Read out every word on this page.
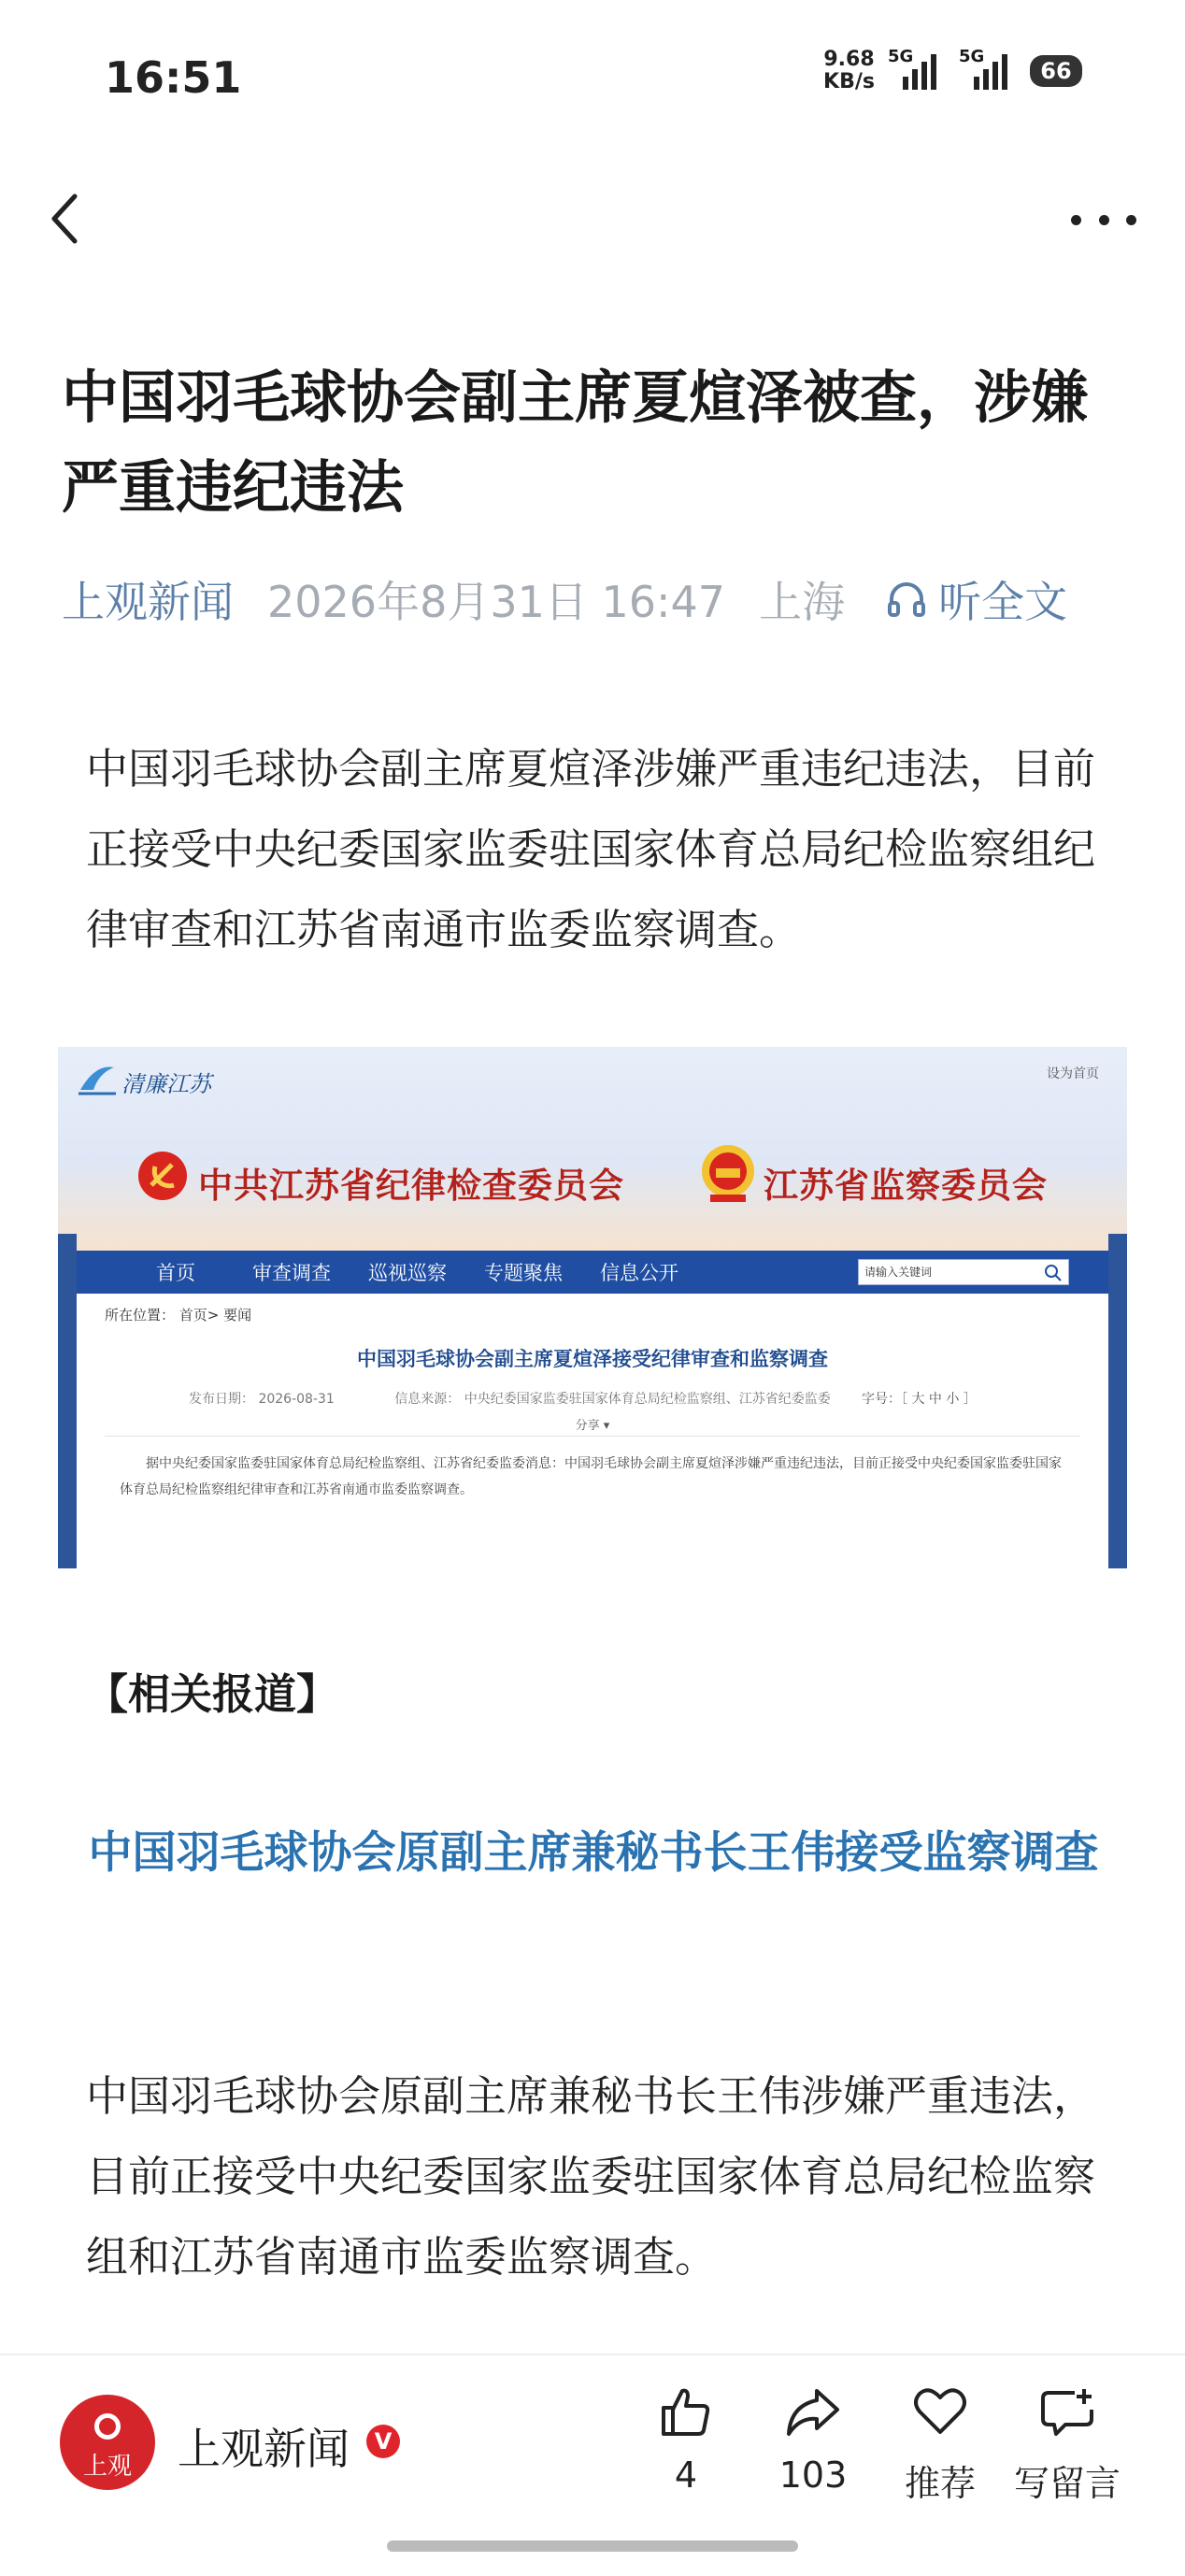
16:51	9.68
KB/s
5G	5G
66
中国羽毛球协会副主席夏煊泽被查，涉嫌严重违纪违法
上观新闻 2026年8月31日 16:47 上海 听全文
中国羽毛球协会副主席夏煊泽涉嫌严重违纪违法，目前正接受中央纪委国家监委驻国家体育总局纪检监察组纪律审查和江苏省南通市监委监察调查。
清廉江苏	设为首页
中共江苏省纪律检查委员会	江苏省监察委员会
首页	审查调查	巡视巡察	专题聚焦	信息公开	请输入关键词
所在位置： 首页> 要闻
中国羽毛球协会副主席夏煊泽接受纪律审查和监察调查
发布日期： 2026-08-31	信息来源： 中央纪委国家监委驻国家体育总局纪检监察组、江苏省纪委监委 字号：［ 大 中 小 ］
分享 ▾
据中央纪委国家监委驻国家体育总局纪检监察组、江苏省纪委监委消息：中国羽毛球协会副主席夏煊泽涉嫌严重违纪违法，目前正接受中央纪委国家监委驻国家体育总局纪检监察组纪律审查和江苏省南通市监委监察调查。
【相关报道】
中国羽毛球协会原副主席兼秘书长王伟接受监察调查
中国羽毛球协会原副主席兼秘书长王伟涉嫌严重违法，目前正接受中央纪委国家监委驻国家体育总局纪检监察组和江苏省南通市监委监察调查。
上观	上观新闻	V
4	103	推荐	写留言
